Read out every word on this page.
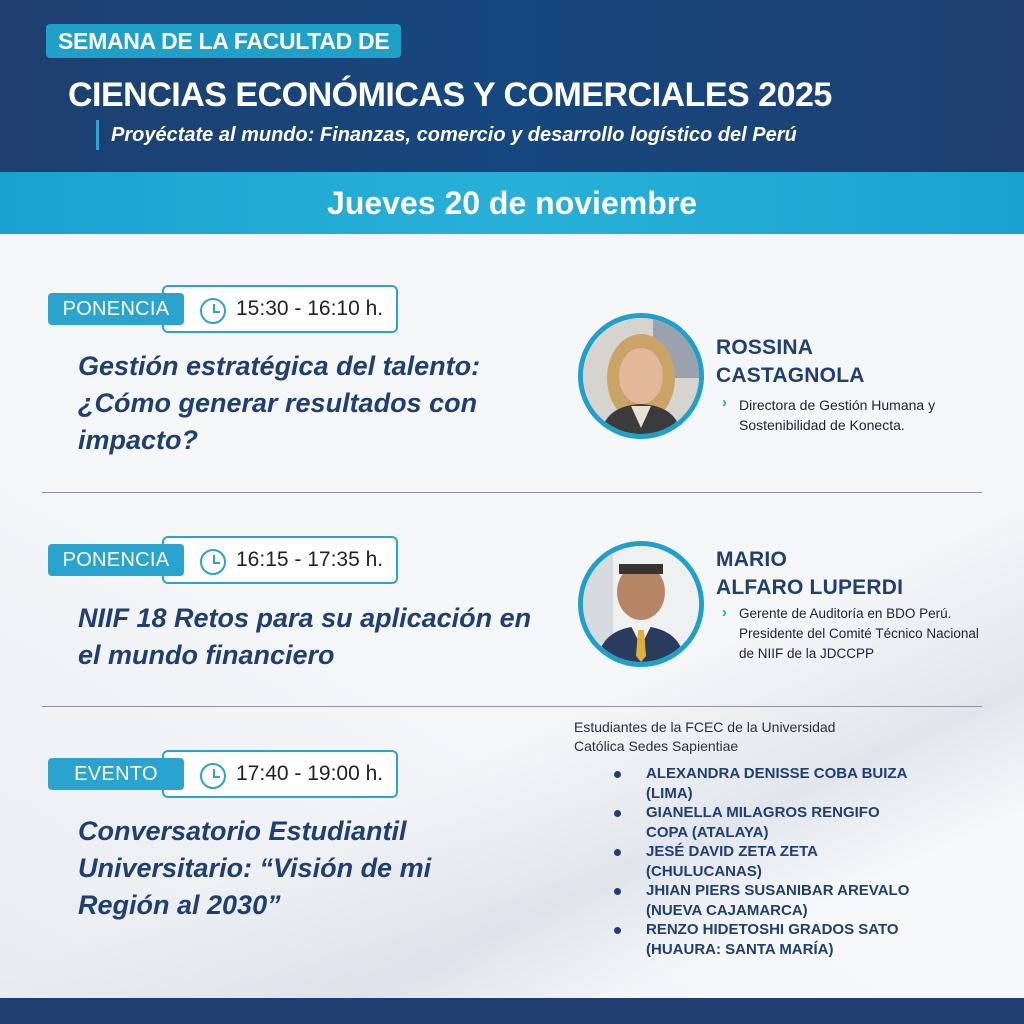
SEMANA DE LA FACULTAD DE
CIENCIAS ECONÓMICAS Y COMERCIALES 2025
Proyéctate al mundo: Finanzas, comercio y desarrollo logístico del Perú
Jueves 20 de noviembre
15:30 - 16:10 h.
PONENCIA
Gestión estratégica del talento: ¿Cómo generar resultados con impacto?
ROSSINA
CASTAGNOLA
› Directora de Gestión Humana y Sostenibilidad de Konecta.
16:15 - 17:35 h.
PONENCIA
NIIF 18 Retos para su aplicación en el mundo financiero
MARIO
ALFARO LUPERDI
› Gerente de Auditoría en BDO Perú. Presidente del Comité Técnico Nacional de NIIF de la JDCCPP
17:40 - 19:00 h.
EVENTO
Conversatorio Estudiantil Universitario: “Visión de mi Región al 2030”
Estudiantes de la FCEC de la Universidad Católica Sedes Sapientiae
ALEXANDRA DENISSE COBA BUIZA (LIMA)
GIANELLA MILAGROS RENGIFO COPA (ATALAYA)
JESÉ DAVID ZETA ZETA (CHULUCANAS)
JHIAN PIERS SUSANIBAR AREVALO (NUEVA CAJAMARCA)
RENZO HIDETOSHI GRADOS SATO (HUAURA: SANTA MARÍA)
